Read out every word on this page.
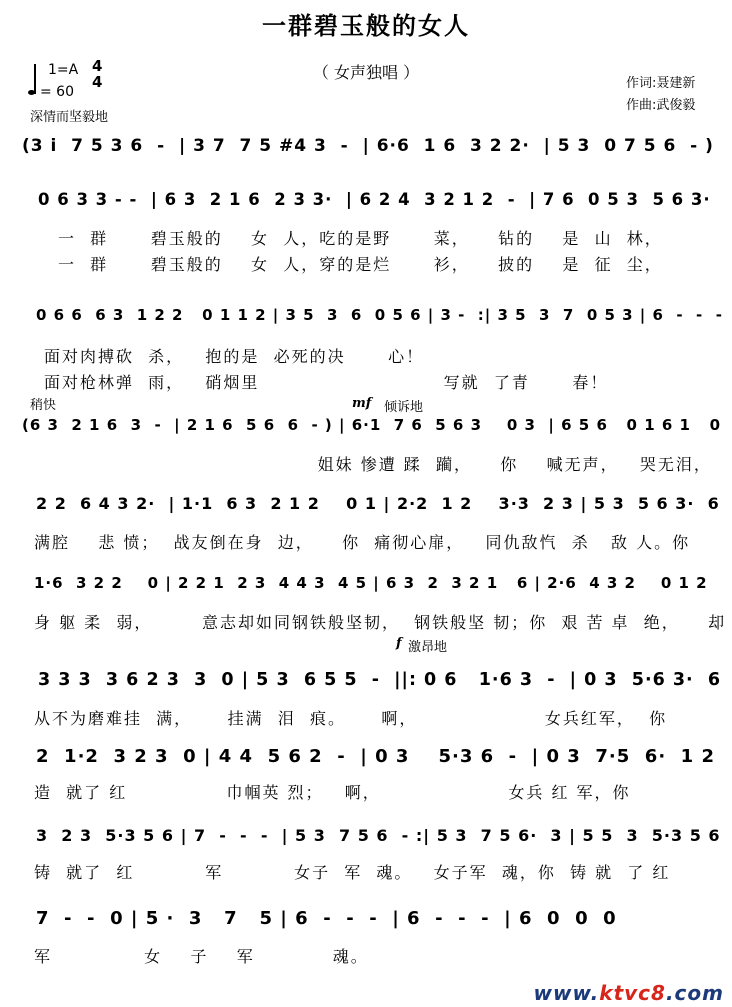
一群碧玉般的女人
（ 女声独唱 ）
作词:聂建新
作曲:武俊毅
1=A 4
4
= 60
深情而坚毅地
(3 i  7 5 3 6  -  | 3 7  7 5 #4 3  -  | 6·6  1 6  3 2 2·  | 5 3  0 7 5 6  - )
0 6 3 3 - -  | 6 3  2 1 6  2 3 3·  | 6 2 4  3 2 1 2  -  | 7 6  0 5 3  5 6 3·
一  群      碧玉般的    女  人，吃的是野      菜，    钻的    是  山  林，
一  群      碧玉般的    女  人，穿的是烂      衫，    披的    是  征  尘，
0 6 6  6 3  1 2 2   0 1 1 2 | 3 5  3  6  0 5 6 | 3 -  :| 3 5  3  7  0 5 3 | 6  -  -  -
面对肉搏砍  杀，   抱的是  必死的决      心！
面对枪林弹  雨，   硝烟里                          写就  了青      春！
稍快	mf 倾诉地
(6 3  2 1 6  3  -  | 2 1 6  5 6  6  - ) | 6·1  7 6  5 6 3    0 3  | 6 5 6   0 1 6 1   0
姐妹 惨遭 蹂  躏，    你    喊无声，   哭无泪，
2 2  6 4 3 2·  | 1·1  6 3  2 1 2    0 1 | 2·2  1 2    3·3  2 3 | 5 3  5 6 3·  6
满腔    悲 愤；  战友倒在身  边，    你  痛彻心扉，   同仇敌忾  杀   敌 人。你
1·6  3 2 2    0 | 2 2 1  2 3  4 4 3  4 5 | 6 3  2  3 2 1   6 | 2·6  4 3 2    0 1 2
身 躯 柔  弱，       意志却如同钢铁般坚韧，  钢铁般坚 韧；你  艰 苦 卓  绝，    却
f 激昂地
3 3 3  3 6 2 3  3  0 | 5 3  6 5 5  -  ||: 0 6   1·6 3  -  | 0 3  5·6 3·  6
从不为磨难挂  满，     挂满  泪  痕。     啊，                  女兵红军，  你
2  1·2  3 2 3  0 | 4 4  5 6 2  -  | 0 3    5·3 6  -  | 0 3  7·5  6·  1 2
造  就了 红              巾帼英 烈；   啊，                  女兵 红 军，你
3  2 3  5·3 5 6 | 7  -  -  -  | 5 3  7 5 6  - :| 5 3  7 5 6·  3 | 5 5  3  5·3 5 6
铸  就了  红          军          女子  军  魂。   女子军  魂，你  铸 就  了 红
7  -  -  0 | 5 ·  3   7   5 | 6  -  -  -  | 6  -  -  -  | 6  0  0  0
军             女    子    军           魂。
www.ktvc8.com
